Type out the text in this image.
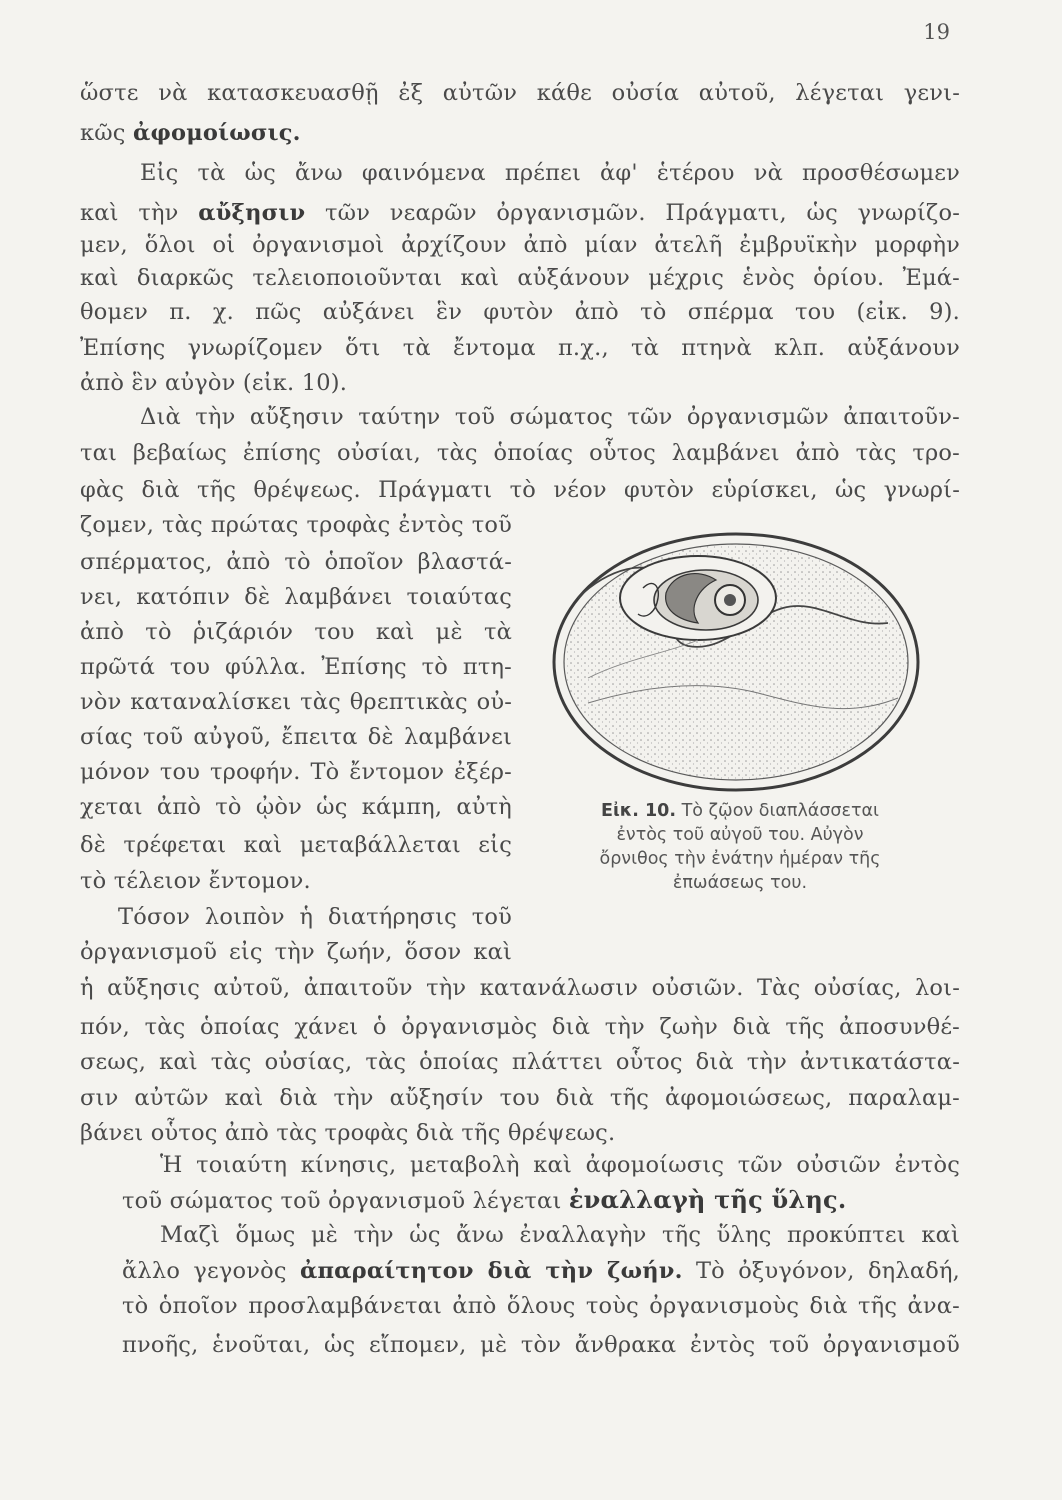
19
ὥστε νὰ κατασκευασθῇ ἐξ αὐτῶν κάθε οὐσία αὐτοῦ, λέγεται γενι-
κῶς ἀφομοίωσις.
Εἰς τὰ ὡς ἄνω φαινόμενα πρέπει ἀφ' ἑτέρου νὰ προσθέσωμεν
καὶ τὴν αὔξησιν τῶν νεαρῶν ὀργανισμῶν. Πράγματι, ὡς γνωρίζο-
μεν, ὅλοι οἱ ὀργανισμοὶ ἀρχίζουν ἀπὸ μίαν ἀτελῆ ἐμβρυϊκὴν μορφὴν
καὶ διαρκῶς τελειοποιοῦνται καὶ αὐξάνουν μέχρις ἑνὸς ὁρίου. Ἐμά-
θομεν π. χ. πῶς αὐξάνει ἓν φυτὸν ἀπὸ τὸ σπέρμα του (εἰκ. 9).
Ἐπίσης γνωρίζομεν ὅτι τὰ ἔντομα π.χ., τὰ πτηνὰ κλπ. αὐξάνουν
ἀπὸ ἓν αὐγὸν (εἰκ. 10).
Διὰ τὴν αὔξησιν ταύτην τοῦ σώματος τῶν ὀργανισμῶν ἀπαιτοῦν-
ται βεβαίως ἐπίσης οὐσίαι, τὰς ὁποίας οὗτος λαμβάνει ἀπὸ τὰς τρο-
φὰς διὰ τῆς θρέψεως. Πράγματι τὸ νέον φυτὸν εὑρίσκει, ὡς γνωρί-
ζομεν, τὰς πρώτας τροφὰς ἐντὸς τοῦ
σπέρματος, ἀπὸ τὸ ὁποῖον βλαστά-
νει, κατόπιν δὲ λαμβάνει τοιαύτας
ἀπὸ τὸ ῥιζάριόν του καὶ μὲ τὰ
πρῶτά του φύλλα. Ἐπίσης τὸ πτη-
νὸν καταναλίσκει τὰς θρεπτικὰς οὐ-
σίας τοῦ αὐγοῦ, ἔπειτα δὲ λαμβάνει
μόνον του τροφήν. Τὸ ἔντομον ἐξέρ-
χεται ἀπὸ τὸ ᾠὸν ὡς κάμπη, αὐτὴ
δὲ τρέφεται καὶ μεταβάλλεται εἰς
τὸ τέλειον ἔντομον.
Τόσον λοιπὸν ἡ διατήρησις τοῦ
ὀργανισμοῦ εἰς τὴν ζωήν, ὅσον καὶ
ἡ αὔξησις αὐτοῦ, ἀπαιτοῦν τὴν κατανάλωσιν οὐσιῶν. Τὰς οὐσίας, λοι-
πόν, τὰς ὁποίας χάνει ὁ ὀργανισμὸς διὰ τὴν ζωὴν διὰ τῆς ἀποσυνθέ-
σεως, καὶ τὰς οὐσίας, τὰς ὁποίας πλάττει οὗτος διὰ τὴν ἀντικατάστα-
σιν αὐτῶν καὶ διὰ τὴν αὔξησίν του διὰ τῆς ἀφομοιώσεως, παραλαμ-
βάνει οὗτος ἀπὸ τὰς τροφὰς διὰ τῆς θρέψεως.
Ἡ τοιαύτη κίνησις, μεταβολὴ καὶ ἀφομοίωσις τῶν οὐσιῶν ἐντὸς
τοῦ σώματος τοῦ ὀργανισμοῦ λέγεται ἐναλλαγὴ τῆς ὕλης.
Μαζὶ ὅμως μὲ τὴν ὡς ἄνω ἐναλλαγὴν τῆς ὕλης προκύπτει καὶ
ἄλλο γεγονὸς ἀπαραίτητον διὰ τὴν ζωήν. Τὸ ὀξυγόνον, δηλαδή,
τὸ ὁποῖον προσλαμβάνεται ἀπὸ ὅλους τοὺς ὀργανισμοὺς διὰ τῆς ἀνα-
πνοῆς, ἑνοῦται, ὡς εἴπομεν, μὲ τὸν ἄνθρακα ἐντὸς τοῦ ὀργανισμοῦ
Εἰκ. 10. Τὸ ζῷον διαπλάσσεται
ἐντὸς τοῦ αὐγοῦ του. Αὐγὸν
ὄρνιθος τὴν ἐνάτην ἡμέραν τῆς
ἐπωάσεως του.
